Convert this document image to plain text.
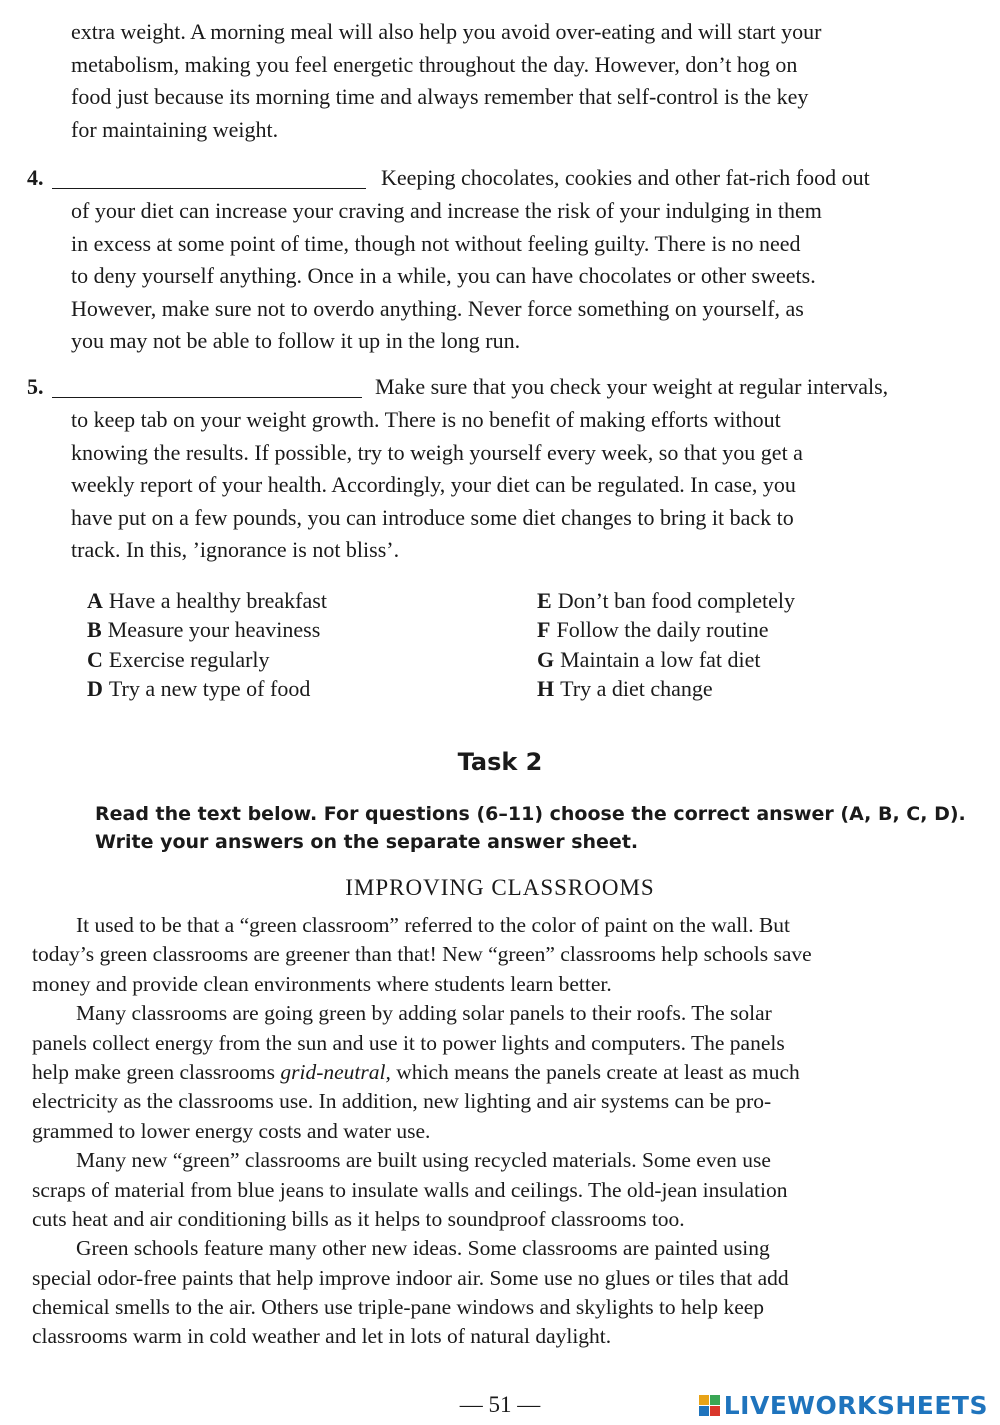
extra weight. A morning meal will also help you avoid over-eating and will start your
metabolism, making you feel energetic throughout the day. However, don’t hog on
food just because its morning time and always remember that self-control is the key
for maintaining weight.
4.	Keeping chocolates, cookies and other fat-rich food out
of your diet can increase your craving and increase the risk of your indulging in them
in excess at some point of time, though not without feeling guilty. There is no need
to deny yourself anything. Once in a while, you can have chocolates or other sweets.
However, make sure not to overdo anything. Never force something on yourself, as
you may not be able to follow it up in the long run.
5.	Make sure that you check your weight at regular intervals,
to keep tab on your weight growth. There is no benefit of making efforts without
knowing the results. If possible, try to weigh yourself every week, so that you get a
weekly report of your health. Accordingly, your diet can be regulated. In case, you
have put on a few pounds, you can introduce some diet changes to bring it back to
track. In this, ’ignorance is not bliss’.
A Have a healthy breakfast
B Measure your heaviness
C Exercise regularly
D Try a new type of food
E Don’t ban food completely
F Follow the daily routine
G Maintain a low fat diet
H Try a diet change
Task 2
Read the text below. For questions (6–11) choose the correct answer (A, B, C, D).
Write your answers on the separate answer sheet.
IMPROVING CLASSROOMS
It used to be that a “green classroom” referred to the color of paint on the wall. But
today’s green classrooms are greener than that! New “green” classrooms help schools save
money and provide clean environments where students learn better.
Many classrooms are going green by adding solar panels to their roofs. The solar
panels collect energy from the sun and use it to power lights and computers. The panels
help make green classrooms grid-neutral, which means the panels create at least as much
electricity as the classrooms use. In addition, new lighting and air systems can be pro-
grammed to lower energy costs and water use.
Many new “green” classrooms are built using recycled materials. Some even use
scraps of material from blue jeans to insulate walls and ceilings. The old-jean insulation
cuts heat and air conditioning bills as it helps to soundproof classrooms too.
Green schools feature many other new ideas. Some classrooms are painted using
special odor-free paints that help improve indoor air. Some use no glues or tiles that add
chemical smells to the air. Others use triple-pane windows and skylights to help keep
classrooms warm in cold weather and let in lots of natural daylight.
— 51 —	LIVEWORKSHEETS
